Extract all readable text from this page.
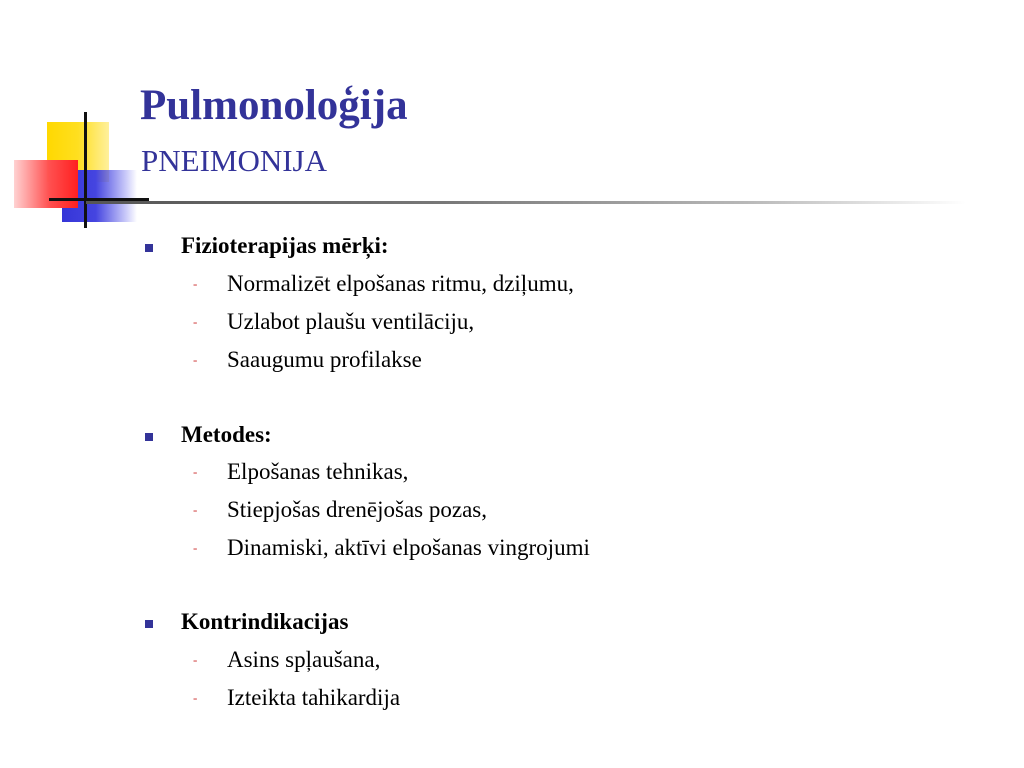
Pulmonoloģija
PNEIMONIJA
Fizioterapijas mērķi:
- Normalizēt elpošanas ritmu, dziļumu,
- Uzlabot plaušu ventilāciju,
- Saaugumu profilakse
Metodes:
- Elpošanas tehnikas,
- Stiepjošas drenējošas pozas,
- Dinamiski, aktīvi elpošanas vingrojumi
Kontrindikacijas
- Asins spļaušana,
- Izteikta tahikardija
